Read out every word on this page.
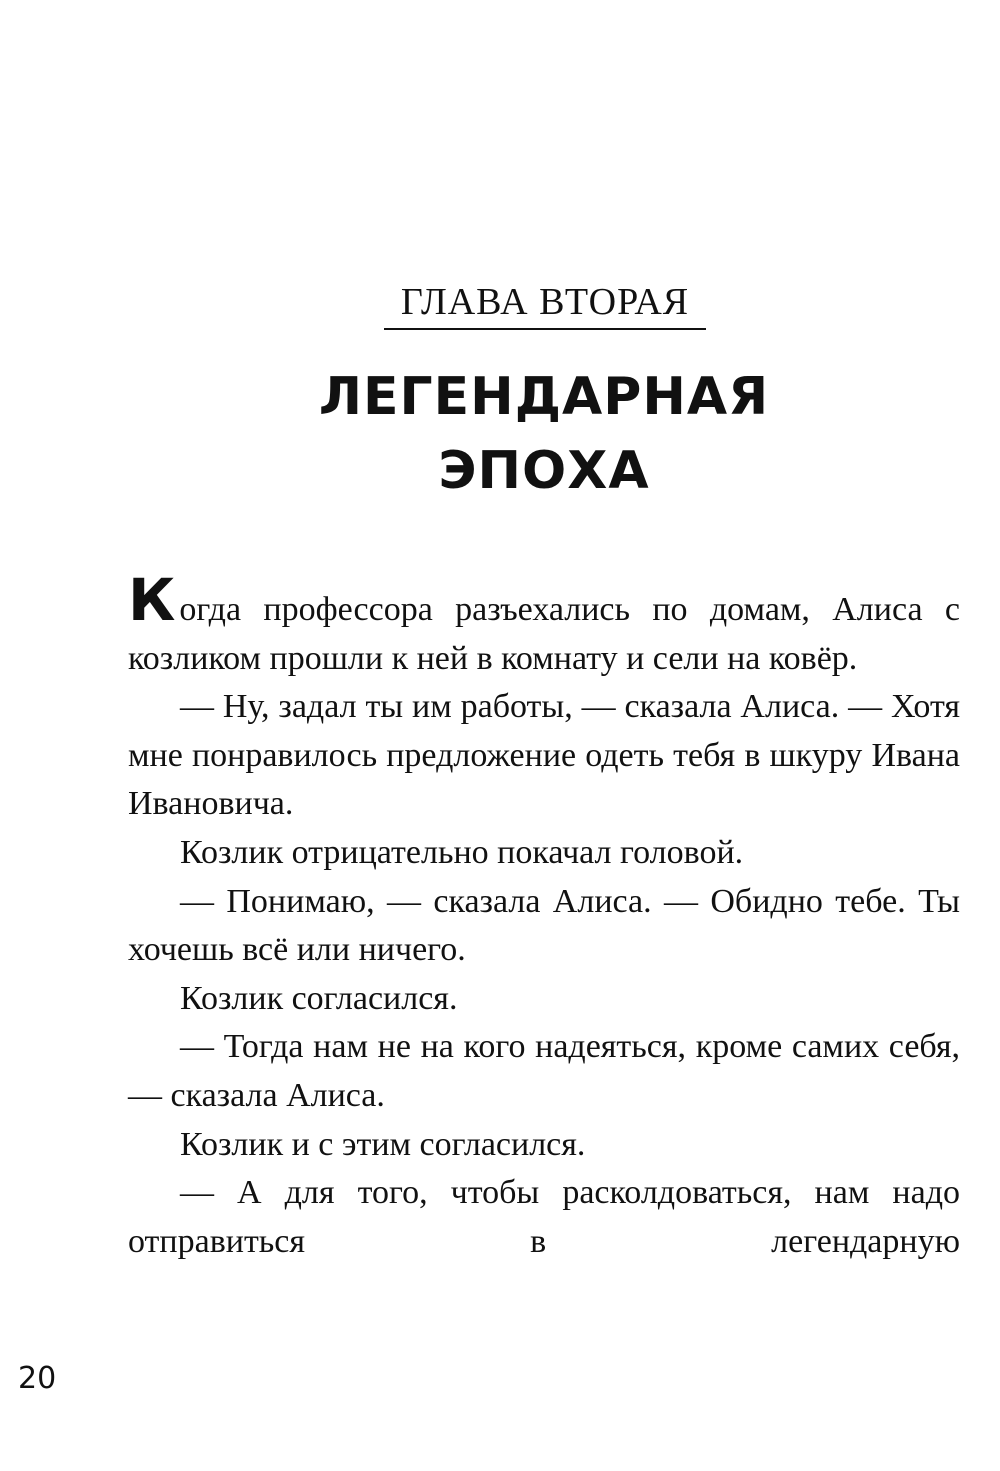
ГЛАВА ВТОРАЯ
ЛЕГЕНДАРНАЯ
ЭПОХА

Когда профессора разъехались по домам, Алиса с козликом прошли к ней в комнату и сели на ковёр.

— Ну, задал ты им работы, — сказала Алиса. — Хотя мне понравилось предложение одеть тебя в шкуру Ивана Ивановича.

Козлик отрицательно покачал головой.

— Понимаю, — сказала Алиса. — Обидно тебе. Ты хочешь всё или ничего.

Козлик согласился.

— Тогда нам не на кого надеяться, кроме самих себя, — сказала Алиса.

Козлик и с этим согласился.

— А для того, чтобы расколдоваться, нам надо отправиться в легендарную

20
